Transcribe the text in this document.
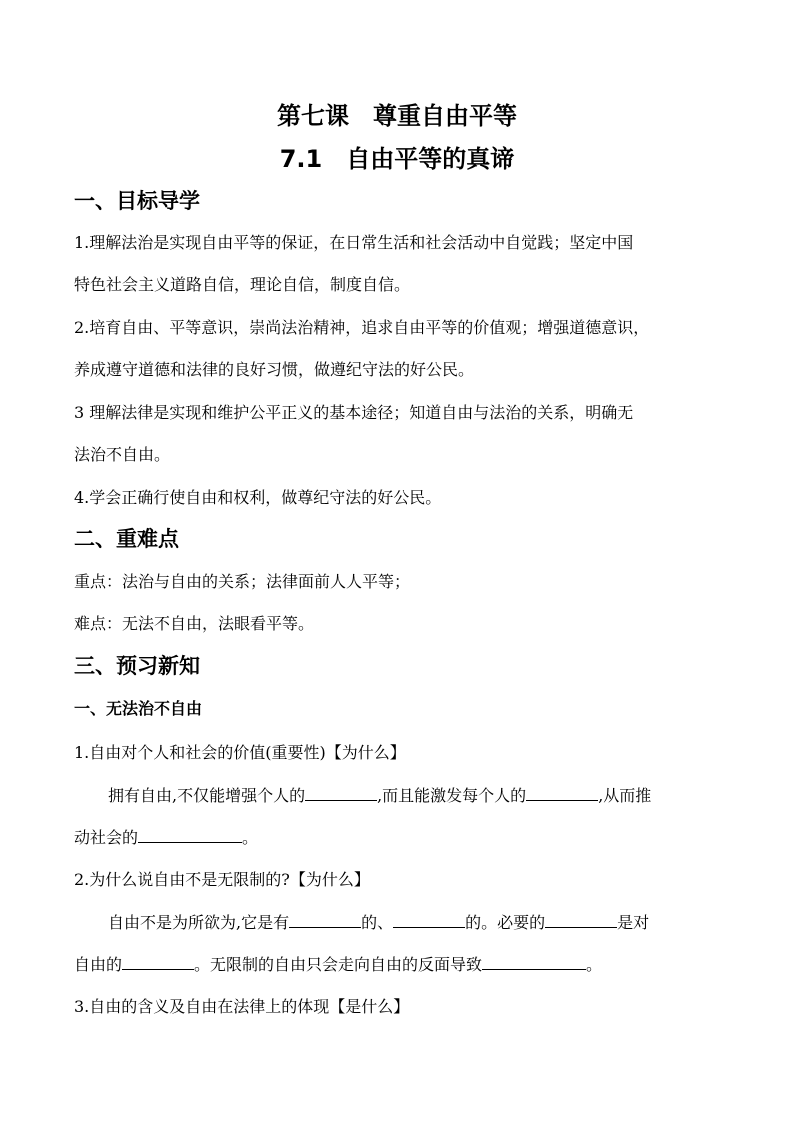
第七课　尊重自由平等
7.1　自由平等的真谛
一、目标导学
1.理解法治是实现自由平等的保证，在日常生活和社会活动中自觉践；坚定中国
特色社会主义道路自信，理论自信，制度自信。
2.培育自由、平等意识，崇尚法治精神，追求自由平等的价值观；增强道德意识，
养成遵守道德和法律的良好习惯，做遵纪守法的好公民。
3 理解法律是实现和维护公平正义的基本途径；知道自由与法治的关系，明确无
法治不自由。
4.学会正确行使自由和权利，做尊纪守法的好公民。
二、重难点
重点：法治与自由的关系；法律面前人人平等；
难点：无法不自由，法眼看平等。
三、预习新知
一、无法治不自由
1.自由对个人和社会的价值(重要性)【为什么】
拥有自由,不仅能增强个人的	,而且能激发每个人的	,从而推
动社会的	。
2.为什么说自由不是无限制的?【为什么】
自由不是为所欲为,它是有	的、	的。必要的	是对
自由的	。无限制的自由只会走向自由的反面导致	。
3.自由的含义及自由在法律上的体现【是什么】
